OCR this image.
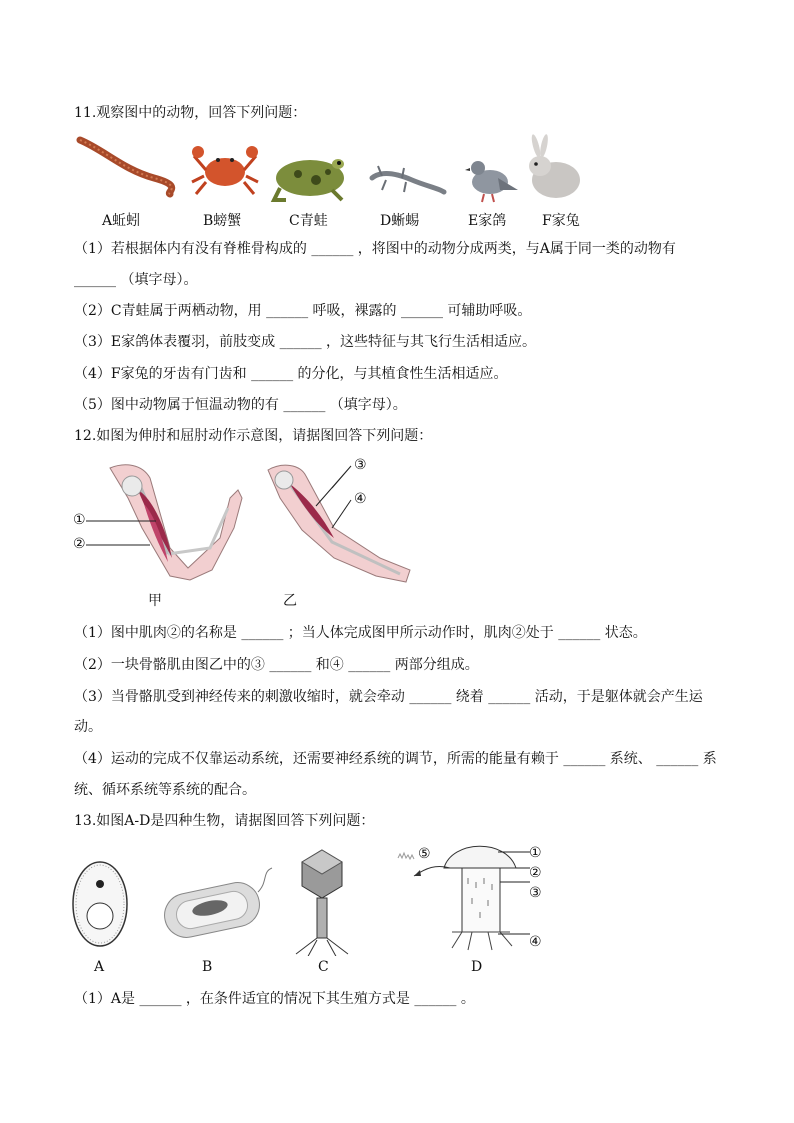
11.观察图中的动物，回答下列问题：
A蚯蚓	B螃蟹	C青蛙	D蜥蜴	E家鸽	F家兔
（1）若根据体内有没有脊椎骨构成的 ______ ，将图中的动物分成两类，与A属于同一类的动物有
______ （填字母）。
（2）C青蛙属于两栖动物，用 ______ 呼吸，裸露的 ______ 可辅助呼吸。
（3）E家鸽体表覆羽，前肢变成 ______ ，这些特征与其飞行生活相适应。
（4）F家兔的牙齿有门齿和 ______ 的分化，与其植食性生活相适应。
（5）图中动物属于恒温动物的有 ______ （填字母）。
12.如图为伸肘和屈肘动作示意图，请据图回答下列问题：
①
②
③
④
甲	乙
（1）图中肌肉②的名称是 ______ ；当人体完成图甲所示动作时，肌肉②处于 ______ 状态。
（2）一块骨骼肌由图乙中的③ ______ 和④ ______ 两部分组成。
（3）当骨骼肌受到神经传来的刺激收缩时，就会牵动 ______ 绕着 ______ 活动，于是躯体就会产生运
动。
（4）运动的完成不仅靠运动系统，还需要神经系统的调节，所需的能量有赖于 ______ 系统、 ______ 系
统、循环系统等系统的配合。
13.如图A-D是四种生物，请据图回答下列问题：
⑤	①
②
③
④
A	B	C	D
（1）A是 ______ ，在条件适宜的情况下其生殖方式是 ______ 。
